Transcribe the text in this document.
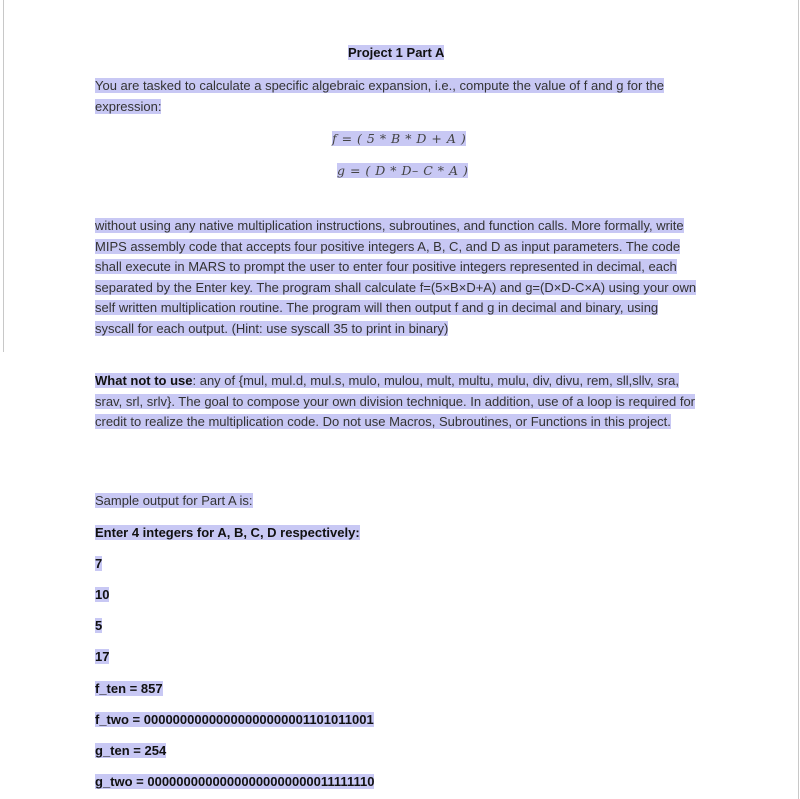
Project 1 Part A
You are tasked to calculate a specific algebraic expansion, i.e., compute the value of f and g for the expression:
f = ( 5 * B * D + A )
g = ( D * D– C * A )
without using any native multiplication instructions, subroutines, and function calls. More formally, write MIPS assembly code that accepts four positive integers A, B, C, and D as input parameters. The code shall execute in MARS to prompt the user to enter four positive integers represented in decimal, each separated by the Enter key. The program shall calculate f=(5×B×D+A) and g=(D×D-C×A) using your own self written multiplication routine. The program will then output f and g in decimal and binary, using syscall for each output. (Hint: use syscall 35 to print in binary)
What not to use: any of {mul, mul.d, mul.s, mulo, mulou, mult, multu, mulu, div, divu, rem, sll,sllv, sra, srav, srl, srlv}. The goal to compose your own division technique. In addition, use of a loop is required for credit to realize the multiplication code. Do not use Macros, Subroutines, or Functions in this project.
Sample output for Part A is:
Enter 4 integers for A, B, C, D respectively:
7
10
5
17
f_ten = 857
f_two = 00000000000000000000001101011001
g_ten = 254
g_two = 00000000000000000000000011111110
